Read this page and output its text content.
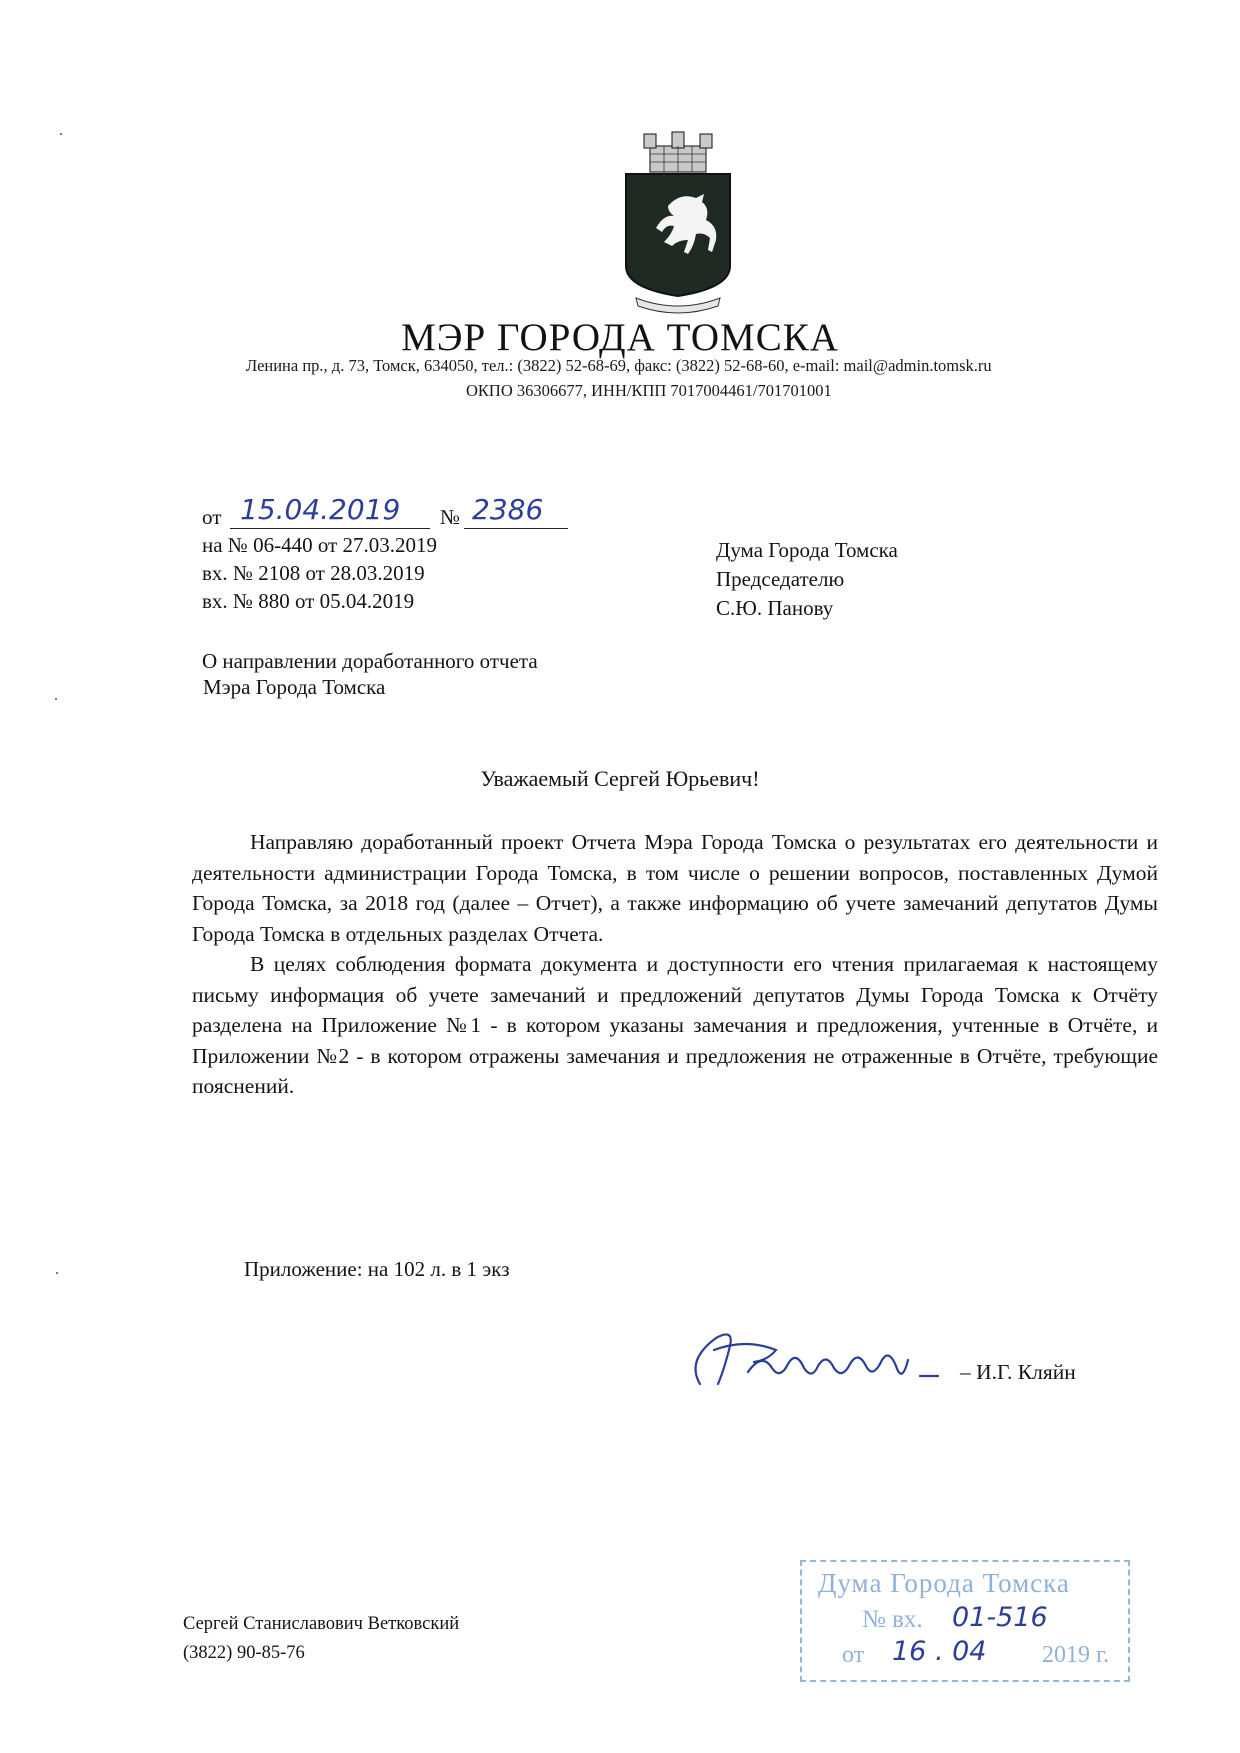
МЭР ГОРОДА ТОМСКА
Ленина пр., д. 73, Томск, 634050, тел.: (3822) 52-68-69, факс: (3822) 52-68-60, e-mail: mail@admin.tomsk.ru
ОКПО 36306677, ИНН/КПП 7017004461/701701001
от 15.04.2019 № 2386
на № 06-440 от 27.03.2019
вх. № 2108 от 28.03.2019
вх. № 880 от 05.04.2019
Дума Города Томска
Председателю
С.Ю. Панову
О направлении доработанного отчета
Мэра Города Томска
Уважаемый Сергей Юрьевич!

Направляю доработанный проект Отчета Мэра Города Томска о результатах его деятельности и деятельности администрации Города Томска, в том числе о решении вопросов, поставленных Думой Города Томска, за 2018 год (далее – Отчет), а также информацию об учете замечаний депутатов Думы Города Томска в отдельных разделах Отчета.

В целях соблюдения формата документа и доступности его чтения прилагаемая к настоящему письму информация об учете замечаний и предложений депутатов Думы Города Томска к Отчёту разделена на Приложение №1 - в котором указаны замечания и предложения, учтенные в Отчёте, и Приложении №2 - в котором отражены замечания и предложения не отраженные в Отчёте, требующие пояснений.

Приложение: на 102 л. в 1 экз
– И.Г. Кляйн
Сергей Станиславович Ветковский
(3822) 90-85-76
Дума Города Томска
№ вх. 01-516
от	2019 г.
16 . 04
